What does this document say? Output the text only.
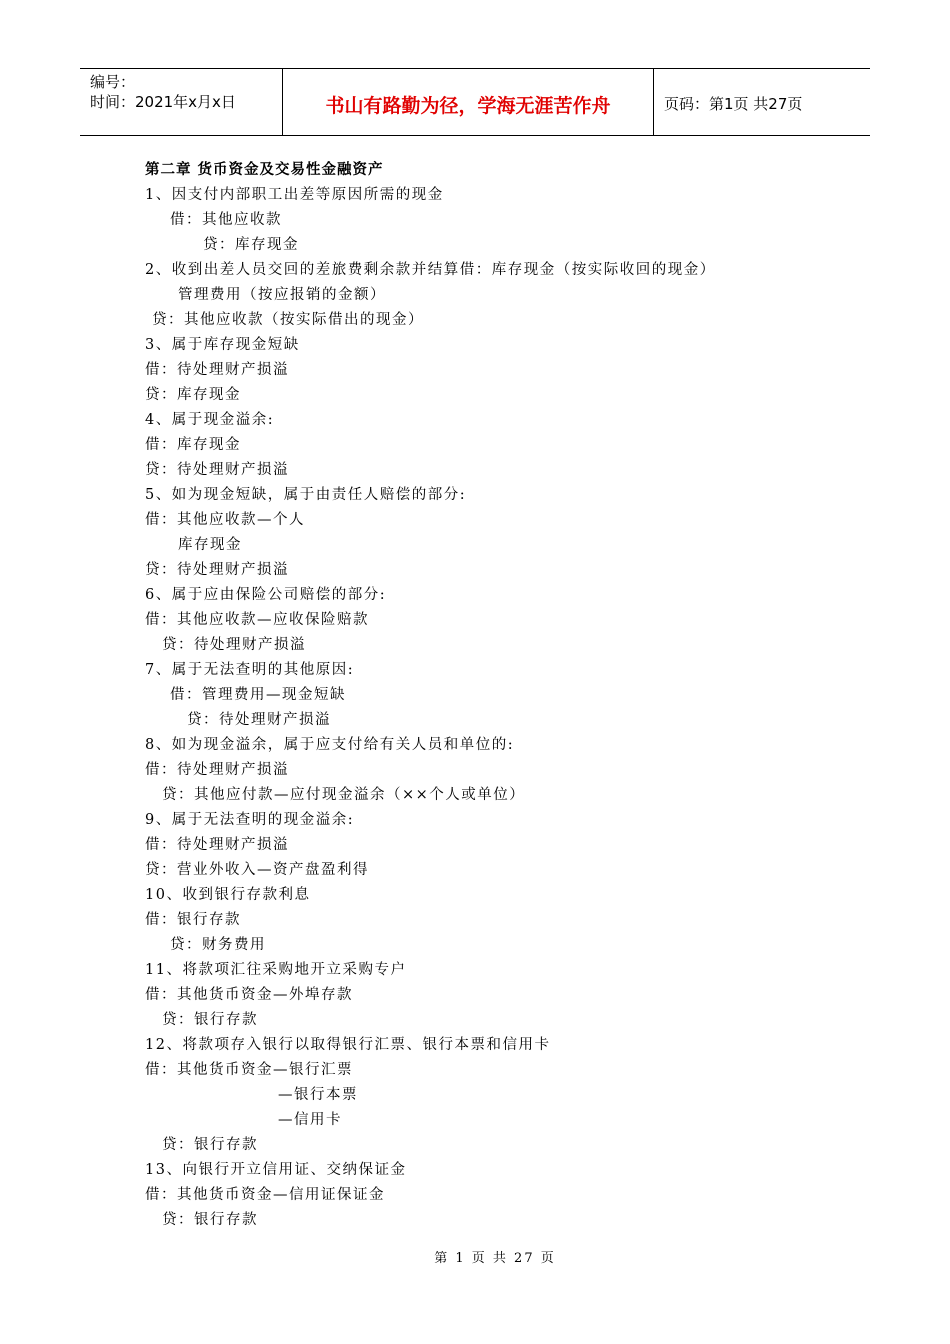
编号：
时间：2021年x月x日	书山有路勤为径，学海无涯苦作舟	页码：第1页 共27页
第二章 货币资金及交易性金融资产
1、因支付内部职工出差等原因所需的现金
借：其他应收款
贷：库存现金
2、收到出差人员交回的差旅费剩余款并结算借：库存现金（按实际收回的现金）
管理费用（按应报销的金额）
贷：其他应收款（按实际借出的现金）
3、属于库存现金短缺
借：待处理财产损溢
贷：库存现金
4、属于现金溢余:
借：库存现金
贷：待处理财产损溢
5、如为现金短缺，属于由责任人赔偿的部分:
借：其他应收款—个人
库存现金
贷：待处理财产损溢
6、属于应由保险公司赔偿的部分:
借：其他应收款—应收保险赔款
贷：待处理财产损溢
7、属于无法查明的其他原因:
借：管理费用—现金短缺
贷：待处理财产损溢
8、如为现金溢余，属于应支付给有关人员和单位的:
借：待处理财产损溢
贷：其他应付款—应付现金溢余（××个人或单位）
9、属于无法查明的现金溢余:
借：待处理财产损溢
贷：营业外收入—资产盘盈利得
10、收到银行存款利息
借：银行存款
贷：财务费用
11、将款项汇往采购地开立采购专户
借：其他货币资金—外埠存款
贷：银行存款
12、将款项存入银行以取得银行汇票、银行本票和信用卡
借：其他货币资金—银行汇票
—银行本票
—信用卡
贷：银行存款
13、向银行开立信用证、交纳保证金
借：其他货币资金—信用证保证金
贷：银行存款
第 1 页 共 27 页
